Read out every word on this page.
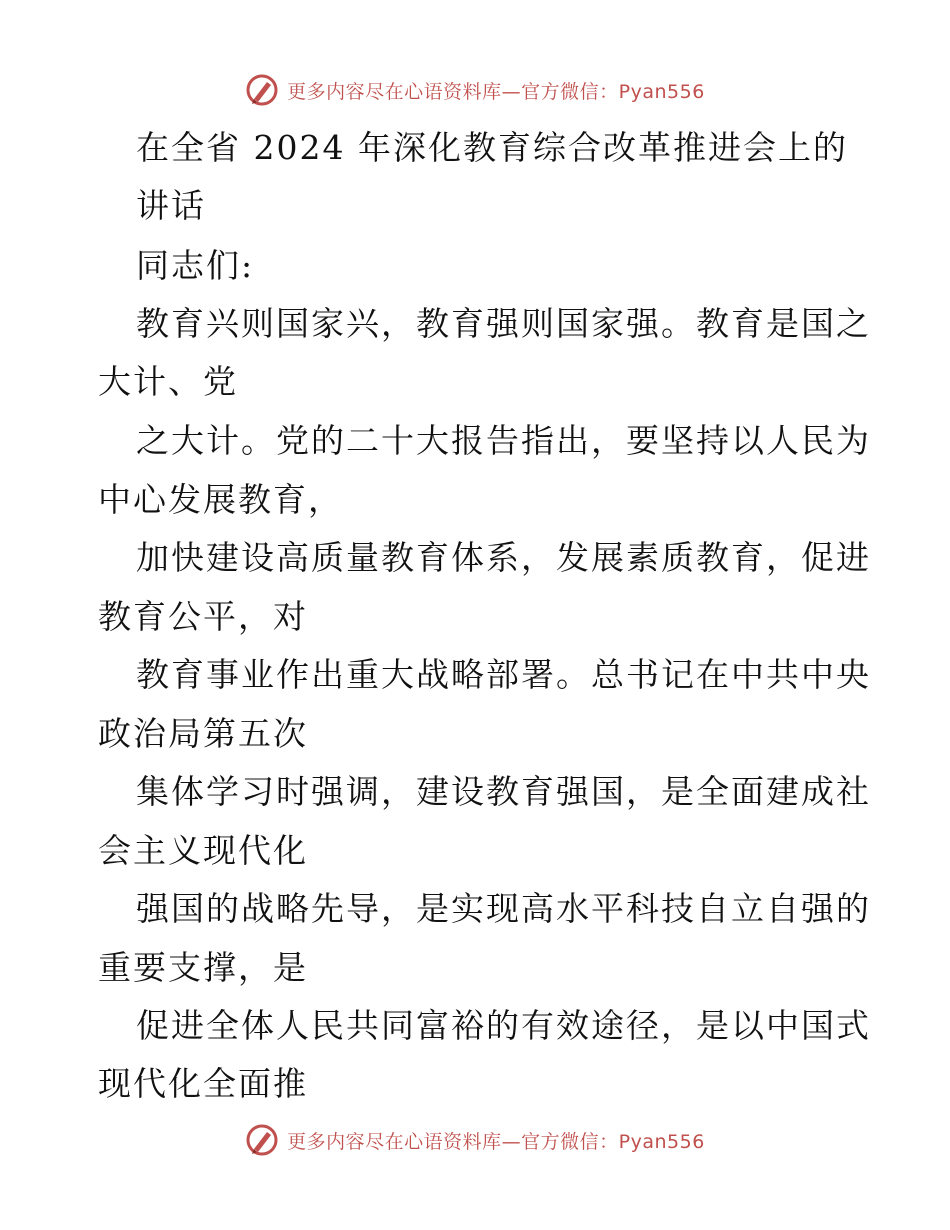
更多内容尽在心语资料库—官方微信：Pyan556
在全省 2024 年深化教育综合改革推进会上的
讲话
同志们:
教育兴则国家兴，教育强则国家强。教育是国之
大计、党
之大计。党的二十大报告指出，要坚持以人民为
中心发展教育，
加快建设高质量教育体系，发展素质教育，促进
教育公平，对
教育事业作出重大战略部署。总书记在中共中央
政治局第五次
集体学习时强调，建设教育强国，是全面建成社
会主义现代化
强国的战略先导，是实现高水平科技自立自强的
重要支撑，是
促进全体人民共同富裕的有效途径，是以中国式
现代化全面推
更多内容尽在心语资料库—官方微信：Pyan556
